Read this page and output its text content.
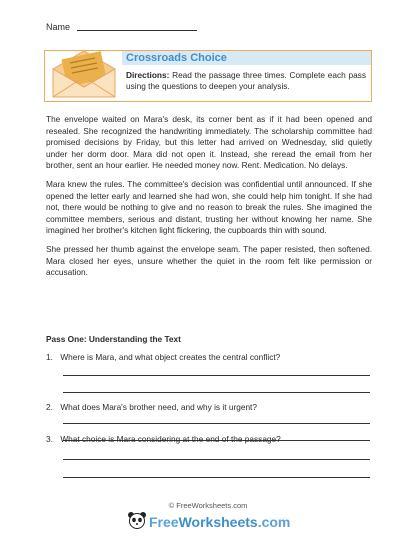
Name
Crossroads Choice
Directions: Read the passage three times. Complete each pass using the questions to deepen your analysis.

The envelope waited on Mara's desk, its corner bent as if it had been opened and resealed. She recognized the handwriting immediately. The scholarship committee had promised decisions by Friday, but this letter had arrived on Wednesday, slid quietly under her dorm door. Mara did not open it. Instead, she reread the email from her brother, sent an hour earlier. He needed money now. Rent. Medication. No delays.

Mara knew the rules. The committee's decision was confidential until announced. If she opened the letter early and learned she had won, she could help him tonight. If she had not, there would be nothing to give and no reason to break the rules. She imagined the committee members, serious and distant, trusting her without knowing her name. She imagined her brother's kitchen light flickering, the cupboards thin with sound.

She pressed her thumb against the envelope seam. The paper resisted, then softened. Mara closed her eyes, unsure whether the quiet in the room felt like permission or accusation.

Pass One: Understanding the Text
1. Where is Mara, and what object creates the central conflict?
2. What does Mara's brother need, and why is it urgent?
3. What choice is Mara considering at the end of the passage?
© FreeWorksheets.com
FreeWorksheets.com
